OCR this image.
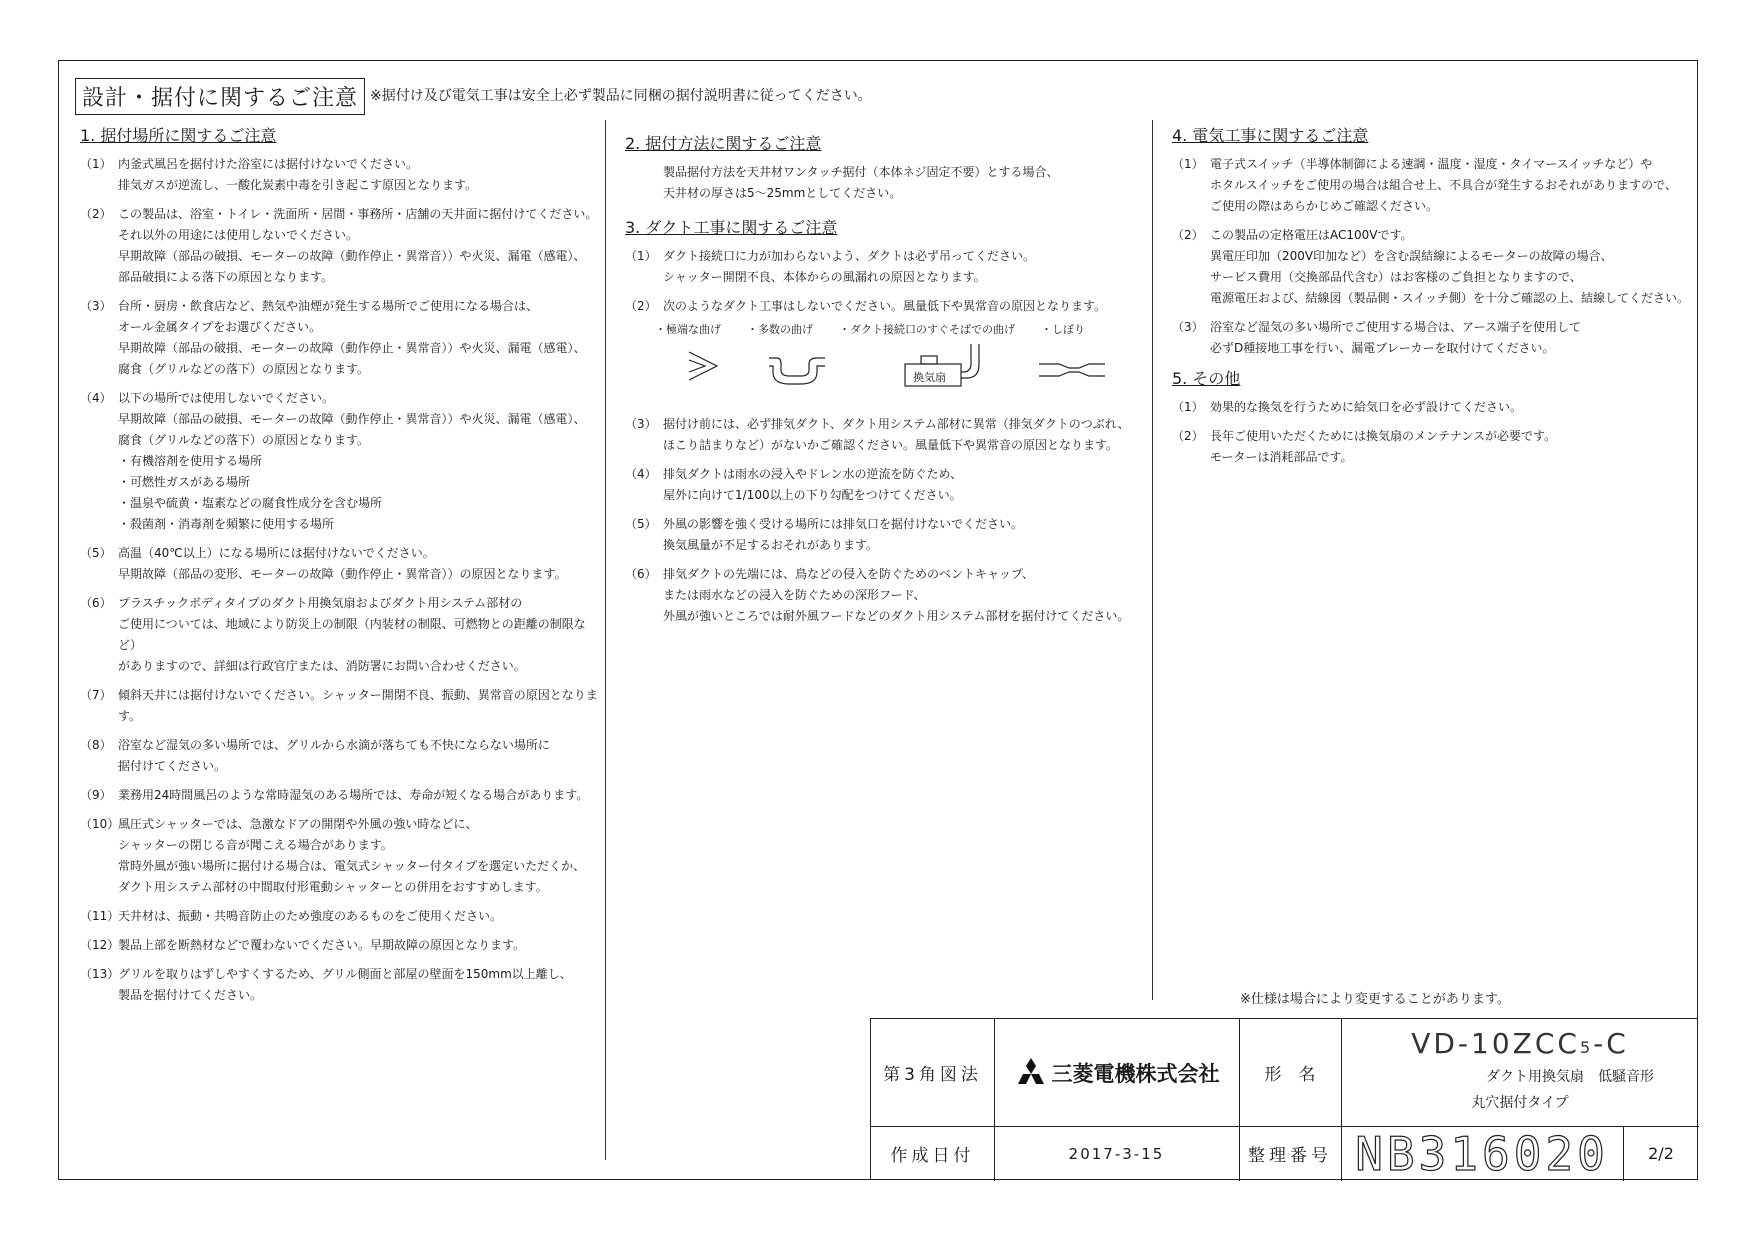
設計・据付に関するご注意 ※据付け及び電気工事は安全上必ず製品に同梱の据付説明書に従ってください。
1. 据付場所に関するご注意
（1） 内釜式風呂を据付けた浴室には据付けないでください。
排気ガスが逆流し、一酸化炭素中毒を引き起こす原因となります。
（2） この製品は、浴室・トイレ・洗面所・居間・事務所・店舗の天井面に据付けてください。
それ以外の用途には使用しないでください。
早期故障（部品の破損、モーターの故障（動作停止・異常音））や火災、漏電（感電）、
部品破損による落下の原因となります。
（3） 台所・厨房・飲食店など、熱気や油煙が発生する場所でご使用になる場合は、
オール金属タイプをお選びください。
早期故障（部品の破損、モーターの故障（動作停止・異常音））や火災、漏電（感電）、
腐食（グリルなどの落下）の原因となります。
（4） 以下の場所では使用しないでください。
早期故障（部品の破損、モーターの故障（動作停止・異常音））や火災、漏電（感電）、
腐食（グリルなどの落下）の原因となります。
・有機溶剤を使用する場所
・可燃性ガスがある場所
・温泉や硫黄・塩素などの腐食性成分を含む場所
・殺菌剤・消毒剤を頻繁に使用する場所
（5） 高温（40℃以上）になる場所には据付けないでください。
早期故障（部品の変形、モーターの故障（動作停止・異常音））の原因となります。
（6） プラスチックボディタイプのダクト用換気扇およびダクト用システム部材の
ご使用については、地域により防災上の制限（内装材の制限、可燃物との距離の制限など）
がありますので、詳細は行政官庁または、消防署にお問い合わせください。
（7） 傾斜天井には据付けないでください。シャッター開閉不良、振動、異常音の原因となります。
（8） 浴室など湿気の多い場所では、グリルから水滴が落ちても不快にならない場所に
据付けてください。
（9） 業務用24時間風呂のような常時湿気のある場所では、寿命が短くなる場合があります。
（10）
風圧式シャッターでは、急激なドアの開閉や外風の強い時などに、
シャッターの閉じる音が聞こえる場合があります。
常時外風が強い場所に据付ける場合は、電気式シャッター付タイプを選定いただくか、
ダクト用システム部材の中間取付形電動シャッターとの併用をおすすめします。
（11）
天井材は、振動・共鳴音防止のため強度のあるものをご使用ください。
（12）
製品上部を断熱材などで覆わないでください。早期故障の原因となります。
（13）
グリルを取りはずしやすくするため、グリル側面と部屋の壁面を150mm以上離し、
製品を据付けてください。
2. 据付方法に関するご注意
製品据付方法を天井材ワンタッチ据付（本体ネジ固定不要）とする場合、
天井材の厚さは5～25mmとしてください。
3. ダクト工事に関するご注意
（1） ダクト接続口に力が加わらないよう、ダクトは必ず吊ってください。
シャッター開閉不良、本体からの風漏れの原因となります。
（2） 次のようなダクト工事はしないでください。風量低下や異常音の原因となります。
・極端な曲げ ・多数の曲げ ・ダクト接続口のすぐそばでの曲げ ・しぼり
換気扇
（3） 据付け前には、必ず排気ダクト、ダクト用システム部材に異常（排気ダクトのつぶれ、
ほこり詰まりなど）がないかご確認ください。風量低下や異常音の原因となります。
（4） 排気ダクトは雨水の浸入やドレン水の逆流を防ぐため、
屋外に向けて1/100以上の下り勾配をつけてください。
（5） 外風の影響を強く受ける場所には排気口を据付けないでください。
換気風量が不足するおそれがあります。
（6） 排気ダクトの先端には、鳥などの侵入を防ぐためのベントキャップ、
または雨水などの浸入を防ぐための深形フード、
外風が強いところでは耐外風フードなどのダクト用システム部材を据付けてください。
4. 電気工事に関するご注意
（1） 電子式スイッチ（半導体制御による速調・温度・湿度・タイマースイッチなど）や
ホタルスイッチをご使用の場合は組合せ上、不具合が発生するおそれがありますので、
ご使用の際はあらかじめご確認ください。
（2） この製品の定格電圧はAC100Vです。
異電圧印加（200V印加など）を含む誤結線によるモーターの故障の場合、
サービス費用（交換部品代含む）はお客様のご負担となりますので、
電源電圧および、結線図（製品側・スイッチ側）を十分ご確認の上、結線してください。
（3） 浴室など湿気の多い場所でご使用する場合は、アース端子を使用して
必ずD種接地工事を行い、漏電ブレーカーを取付けてください。
5. その他
（1） 効果的な換気を行うために給気口を必ず設けてください。
（2） 長年ご使用いただくためには換気扇のメンテナンスが必要です。
モーターは消耗部品です。
※仕様は場合により変更することがあります。
第3角図法	三菱電機株式会社	形　名
VD-10ZCC5-C
ダクト用換気扇　低騒音形
丸穴据付タイプ
作成日付	2017-3-15	整理番号 NB316020	2/2
